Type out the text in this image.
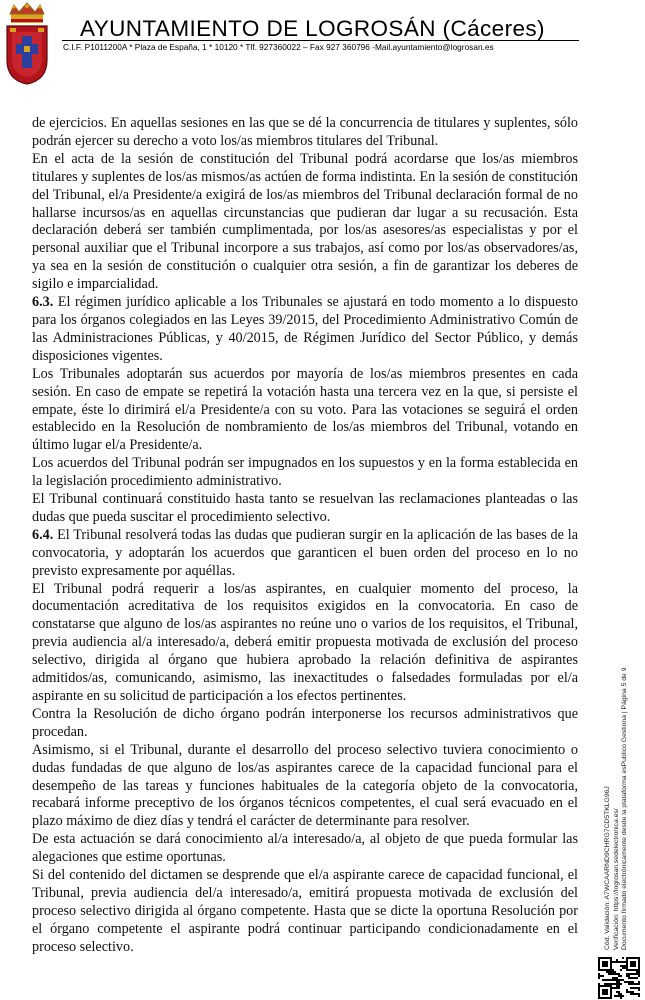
AYUNTAMIENTO DE LOGROSÁN (Cáceres)
C.I.F. P1011200A * Plaza de España, 1 * 10120 * Tlf. 927360022 – Fax 927 360796 -Mail.ayuntamiento@logrosan.es

de ejercicios. En aquellas sesiones en las que se dé la concurrencia de titulares y suplentes, sólo podrán ejercer su derecho a voto los/as miembros titulares del Tribunal.

En el acta de la sesión de constitución del Tribunal podrá acordarse que los/as miembros titulares y suplentes de los/as mismos/as actúen de forma indistinta. En la sesión de constitución del Tribunal, el/a Presidente/a exigirá de los/as miembros del Tribunal declaración formal de no hallarse incursos/as en aquellas circunstancias que pudieran dar lugar a su recusación. Esta declaración deberá ser también cumplimentada, por los/as asesores/as especialistas y por el personal auxiliar que el Tribunal incorpore a sus trabajos, así como por los/as observadores/as, ya sea en la sesión de constitución o cualquier otra sesión, a fin de garantizar los deberes de sigilo e imparcialidad.

6.3. El régimen jurídico aplicable a los Tribunales se ajustará en todo momento a lo dispuesto para los órganos colegiados en las Leyes 39/2015, del Procedimiento Administrativo Común de las Administraciones Públicas, y 40/2015, de Régimen Jurídico del Sector Público, y demás disposiciones vigentes.

Los Tribunales adoptarán sus acuerdos por mayoría de los/as miembros presentes en cada sesión. En caso de empate se repetirá la votación hasta una tercera vez en la que, si persiste el empate, éste lo dirimirá el/a Presidente/a con su voto. Para las votaciones se seguirá el orden establecido en la Resolución de nombramiento de los/as miembros del Tribunal, votando en último lugar el/a Presidente/a.

Los acuerdos del Tribunal podrán ser impugnados en los supuestos y en la forma establecida en la legislación procedimiento administrativo.

El Tribunal continuará constituido hasta tanto se resuelvan las reclamaciones planteadas o las dudas que pueda suscitar el procedimiento selectivo.

6.4. El Tribunal resolverá todas las dudas que pudieran surgir en la aplicación de las bases de la convocatoria, y adoptarán los acuerdos que garanticen el buen orden del proceso en lo no previsto expresamente por aquéllas.

El Tribunal podrá requerir a los/as aspirantes, en cualquier momento del proceso, la documentación acreditativa de los requisitos exigidos en la convocatoria. En caso de constatarse que alguno de los/as aspirantes no reúne uno o varios de los requisitos, el Tribunal, previa audiencia al/a interesado/a, deberá emitir propuesta motivada de exclusión del proceso selectivo, dirigida al órgano que hubiera aprobado la relación definitiva de aspirantes admitidos/as, comunicando, asimismo, las inexactitudes o falsedades formuladas por el/a aspirante en su solicitud de participación a los efectos pertinentes.

Contra la Resolución de dicho órgano podrán interponerse los recursos administrativos que procedan.

Asimismo, si el Tribunal, durante el desarrollo del proceso selectivo tuviera conocimiento o dudas fundadas de que alguno de los/as aspirantes carece de la capacidad funcional para el desempeño de las tareas y funciones habituales de la categoría objeto de la convocatoria, recabará informe preceptivo de los órganos técnicos competentes, el cual será evacuado en el plazo máximo de diez días y tendrá el carácter de determinante para resolver.

De esta actuación se dará conocimiento al/a interesado/a, al objeto de que pueda formular las alegaciones que estime oportunas.

Si del contenido del dictamen se desprende que el/a aspirante carece de capacidad funcional, el Tribunal, previa audiencia del/a interesado/a, emitirá propuesta motivada de exclusión del proceso selectivo dirigida al órgano competente. Hasta que se dicte la oportuna Resolución por el órgano competente el aspirante podrá continuar participando condicionadamente en el proceso selectivo.	Cód. Validación: A7WCAARND9CHRG7CD5TKLG96J Verificación: https://logrosan.sedelectronica.es/ Documento firmado electrónicamente desde la plataforma esPublico Gestiona | Página 5 de 9
